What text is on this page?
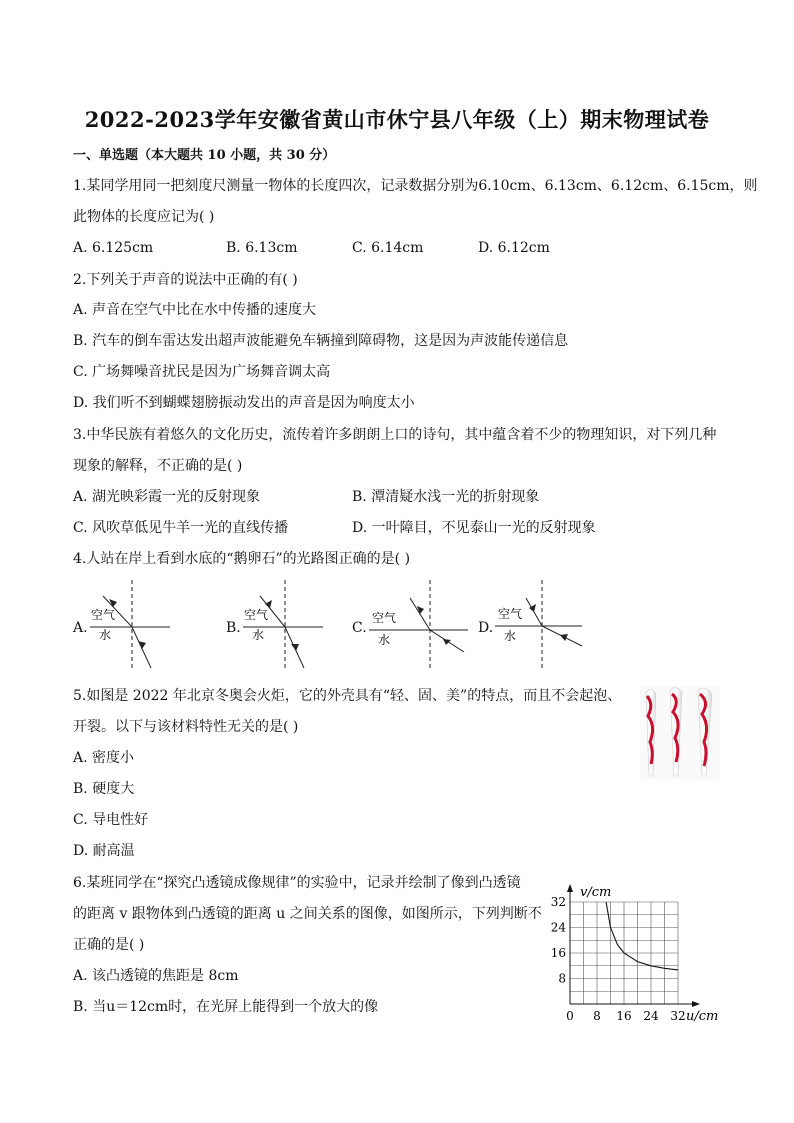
2022-2023学年安徽省黄山市休宁县八年级（上）期末物理试卷
一、单选题（本大题共 10 小题，共 30 分）
1.某同学用同一把刻度尺测量一物体的长度四次，记录数据分别为6.10cm、6.13cm、6.12cm、6.15cm，则
此物体的长度应记为( )
A. 6.125cm	B. 6.13cm	C. 6.14cm	D. 6.12cm
2.下列关于声音的说法中正确的有( )
A. 声音在空气中比在水中传播的速度大
B. 汽车的倒车雷达发出超声波能避免车辆撞到障碍物，这是因为声波能传递信息
C. 广场舞噪音扰民是因为广场舞音调太高
D. 我们听不到蝴蝶翅膀振动发出的声音是因为响度太小
3.中华民族有着悠久的文化历史，流传着许多朗朗上口的诗句，其中蕴含着不少的物理知识，对下列几种
现象的解释，不正确的是( )
A. 湖光映彩霞一光的反射现象	B. 潭清疑水浅一光的折射现象
C. 风吹草低见牛羊一光的直线传播	D. 一叶障目，不见泰山一光的反射现象
4.人站在岸上看到水底的“鹅卵石”的光路图正确的是( )
A.
空气
水	B.
空气
水	C.
空气
水
D.
空气
水
5.如图是 2022 年北京冬奥会火炬，它的外壳具有“轻、固、美”的特点，而且不会起泡、
开裂。以下与该材料特性无关的是( )
A. 密度小
B. 硬度大
C. 导电性好
D. 耐高温
6.某班同学在“探究凸透镜成像规律”的实验中，记录并绘制了像到凸透镜
的距离 v 跟物体到凸透镜的距离 u 之间关系的图像，如图所示，下列判断不
正确的是( )
A. 该凸透镜的焦距是 8cm
B. 当u＝12cm时，在光屏上能得到一个放大的像
0 8 16 24 32
8
16
24
32
v/cm
u/cm
